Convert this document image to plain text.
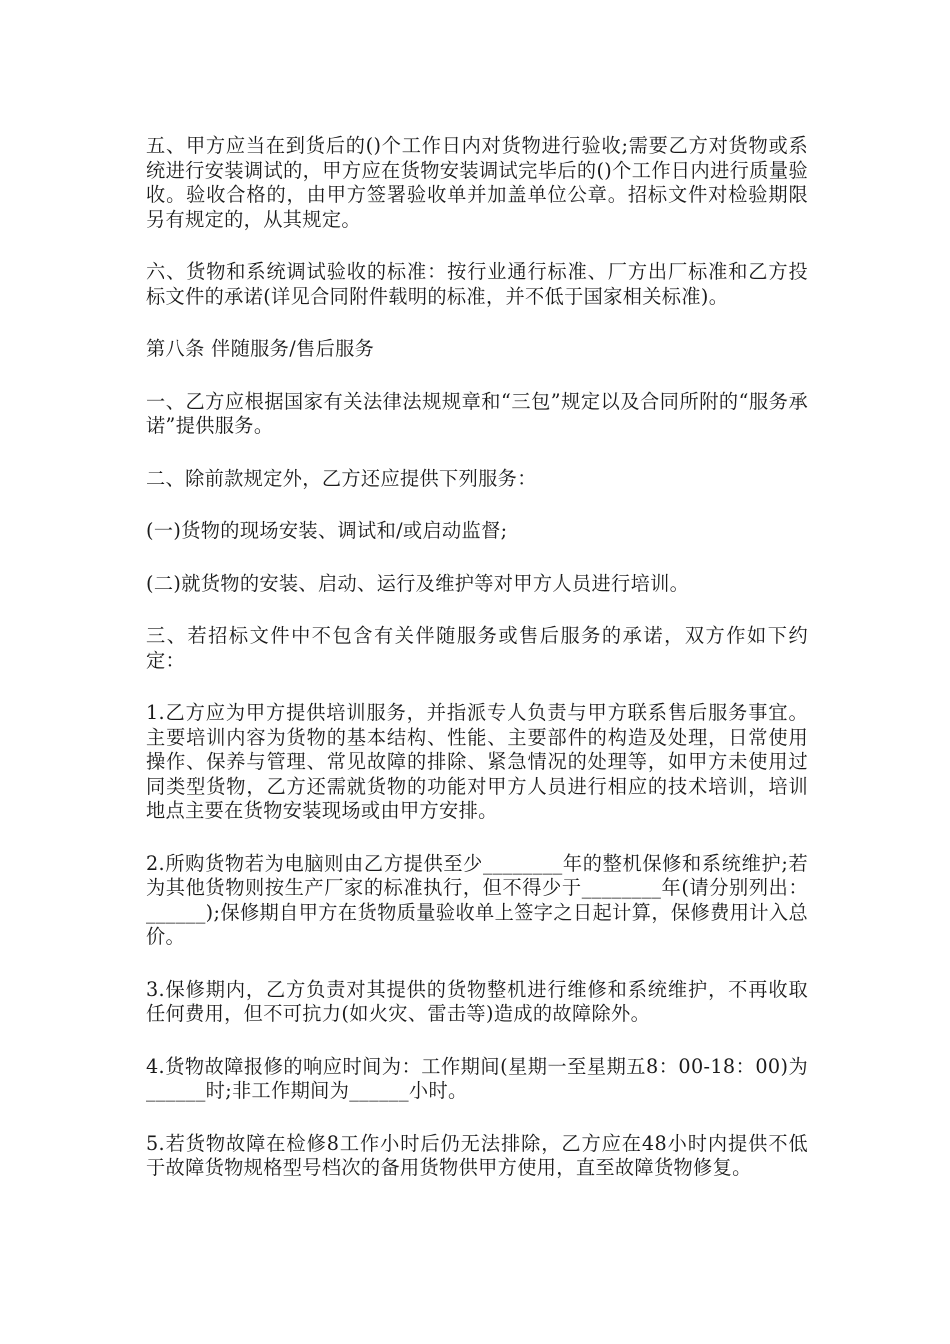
五、甲方应当在到货后的()个工作日内对货物进行验收;需要乙方对货物或系统进行安装调试的，甲方应在货物安装调试完毕后的()个工作日内进行质量验收。验收合格的，由甲方签署验收单并加盖单位公章。招标文件对检验期限另有规定的，从其规定。

六、货物和系统调试验收的标准：按行业通行标准、厂方出厂标准和乙方投标文件的承诺(详见合同附件载明的标准，并不低于国家相关标准)。

第八条 伴随服务/售后服务

一、乙方应根据国家有关法律法规规章和“三包”规定以及合同所附的“服务承诺”提供服务。

二、除前款规定外，乙方还应提供下列服务：

(一)货物的现场安装、调试和/或启动监督;

(二)就货物的安装、启动、运行及维护等对甲方人员进行培训。

三、若招标文件中不包含有关伴随服务或售后服务的承诺，双方作如下约定：

1.乙方应为甲方提供培训服务，并指派专人负责与甲方联系售后服务事宜。主要培训内容为货物的基本结构、性能、主要部件的构造及处理，日常使用操作、保养与管理、常见故障的排除、紧急情况的处理等，如甲方未使用过同类型货物，乙方还需就货物的功能对甲方人员进行相应的技术培训，培训地点主要在货物安装现场或由甲方安排。

2.所购货物若为电脑则由乙方提供至少________年的整机保修和系统维护;若为其他货物则按生产厂家的标准执行，但不得少于________年(请分别列出：______);保修期自甲方在货物质量验收单上签字之日起计算，保修费用计入总价。

3.保修期内，乙方负责对其提供的货物整机进行维修和系统维护，不再收取任何费用，但不可抗力(如火灾、雷击等)造成的故障除外。

4.货物故障报修的响应时间为：工作期间(星期一至星期五8：00-18：00)为______时;非工作期间为______小时。

5.若货物故障在检修8工作小时后仍无法排除，乙方应在48小时内提供不低于故障货物规格型号档次的备用货物供甲方使用，直至故障货物修复。
